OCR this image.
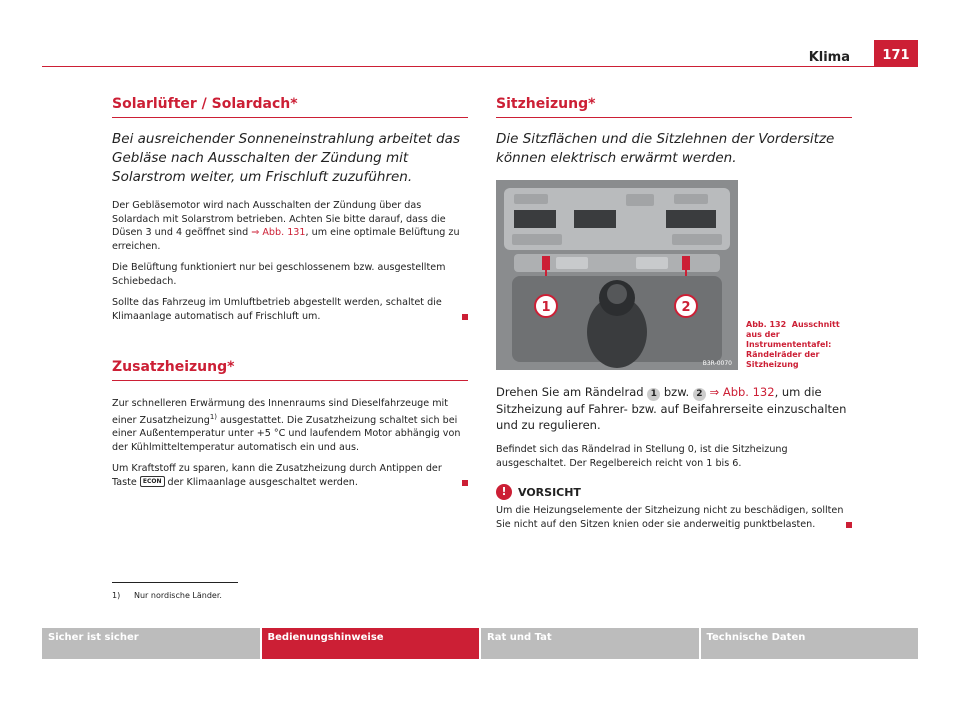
Klima	171
Solarlüfter / Solardach*
Bei ausreichender Sonneneinstrahlung arbeitet das Gebläse nach Ausschalten der Zündung mit Solarstrom weiter, um Frischluft zuzuführen.

Der Gebläsemotor wird nach Ausschalten der Zündung über das Solardach mit Solarstrom betrieben. Achten Sie bitte darauf, dass die Düsen 3 und 4 geöffnet sind ⇒ Abb. 131, um eine optimale Belüftung zu erreichen.

Die Belüftung funktioniert nur bei geschlossenem bzw. ausgestelltem Schiebedach.

Sollte das Fahrzeug im Umluftbetrieb abgestellt werden, schaltet die Klimaanlage automatisch auf Frischluft um.

Zusatzheizung*

Zur schnelleren Erwärmung des Innenraums sind Dieselfahrzeuge mit einer Zusatzheizung$^{1)}$ ausgestattet. Die Zusatzheizung schaltet sich bei einer Außentemperatur unter +5 °C und laufendem Motor abhängig von der Kühlmitteltemperatur automatisch ein und aus.

Um Kraftstoff zu sparen, kann die Zusatzheizung durch Antippen der Taste ECON der Klimaanlage ausgeschaltet werden.

Sitzheizung*
Die Sitzflächen und die Sitzlehnen der Vordersitze können elektrisch erwärmt werden.
1	2
B3R-0070
Abb. 132 Ausschnitt aus der Instrumententafel: Rändelräder der Sitzheizung
Drehen Sie am Rändelrad 1 bzw. 2 ⇒ Abb. 132, um die Sitzheizung auf Fahrer- bzw. auf Beifahrerseite einzuschalten und zu regulieren.

Befindet sich das Rändelrad in Stellung 0, ist die Sitzheizung ausgeschaltet. Der Regelbereich reicht von 1 bis 6.

!	VORSICHT

Um die Heizungselemente der Sitzheizung nicht zu beschädigen, sollten Sie nicht auf den Sitzen knien oder sie anderweitig punktbelasten.

1) Nur nordische Länder.
Sicher ist sicher	Bedienungshinweise	Rat und Tat	Technische Daten
